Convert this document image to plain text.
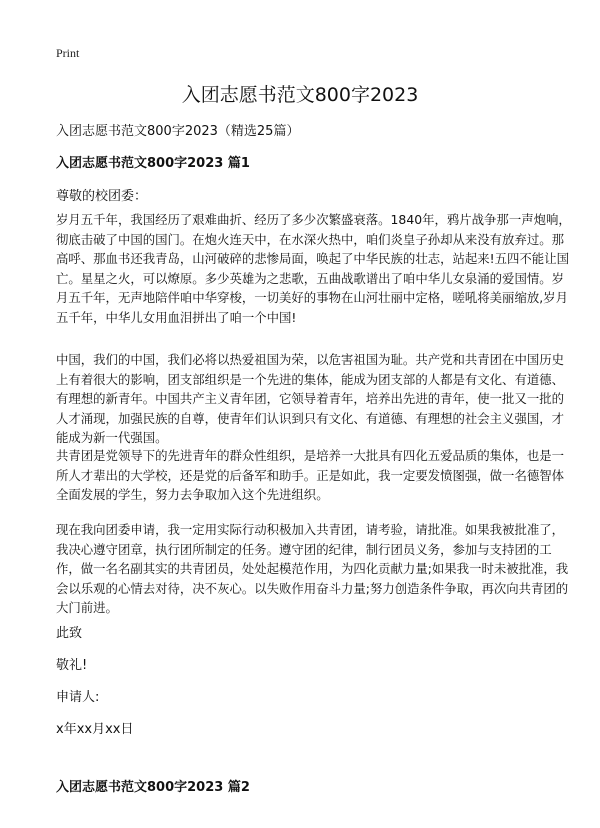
Print
入团志愿书范文800字2023
入团志愿书范文800字2023（精选25篇）
入团志愿书范文800字2023 篇1
尊敬的校团委：

岁月五千年，我国经历了艰难曲折、经历了多少次繁盛衰落。1840年，鸦片战争那一声炮响，彻底击破了中国的国门。在炮火连天中，在水深火热中，咱们炎皇子孙却从来没有放弃过。那高呼、那血书还我青岛，山河破碎的悲惨局面，唤起了中华民族的壮志，站起来!五四不能让国亡。星星之火，可以燎原。多少英雄为之悲歌，五曲战歌谱出了咱中华儿女泉涌的爱国情。岁月五千年，无声地陪伴咱中华穿梭，一切美好的事物在山河壮丽中定格，嗟吼将美丽缩放,岁月五千年，中华儿女用血泪拼出了咱一个中国!

中国，我们的中国，我们必将以热爱祖国为荣，以危害祖国为耻。共产党和共青团在中国历史上有着很大的影响，团支部组织是一个先进的集体，能成为团支部的人都是有文化、有道德、有理想的新青年。中国共产主义青年团，它领导着青年，培养出先进的青年，使一批又一批的人才涌现，加强民族的自尊，使青年们认识到只有文化、有道德、有理想的社会主义强国，才能成为新一代强国。

共青团是党领导下的先进青年的群众性组织，是培养一大批具有四化五爱品质的集体，也是一所人才辈出的大学校，还是党的后备军和助手。正是如此，我一定要发愤图强，做一名德智体全面发展的学生，努力去争取加入这个先进组织。

现在我向团委申请，我一定用实际行动积极加入共青团，请考验，请批准。如果我被批准了，我决心遵守团章，执行团所制定的任务。遵守团的纪律，制行团员义务，参加与支持团的工作，做一名名副其实的共青团员，处处起模范作用，为四化贡献力量;如果我一时未被批准，我会以乐观的心情去对待，决不灰心。以失败作用奋斗力量;努力创造条件争取，再次向共青团的大门前进。

此致
敬礼!
申请人:
x年xx月xx日
入团志愿书范文800字2023 篇2
